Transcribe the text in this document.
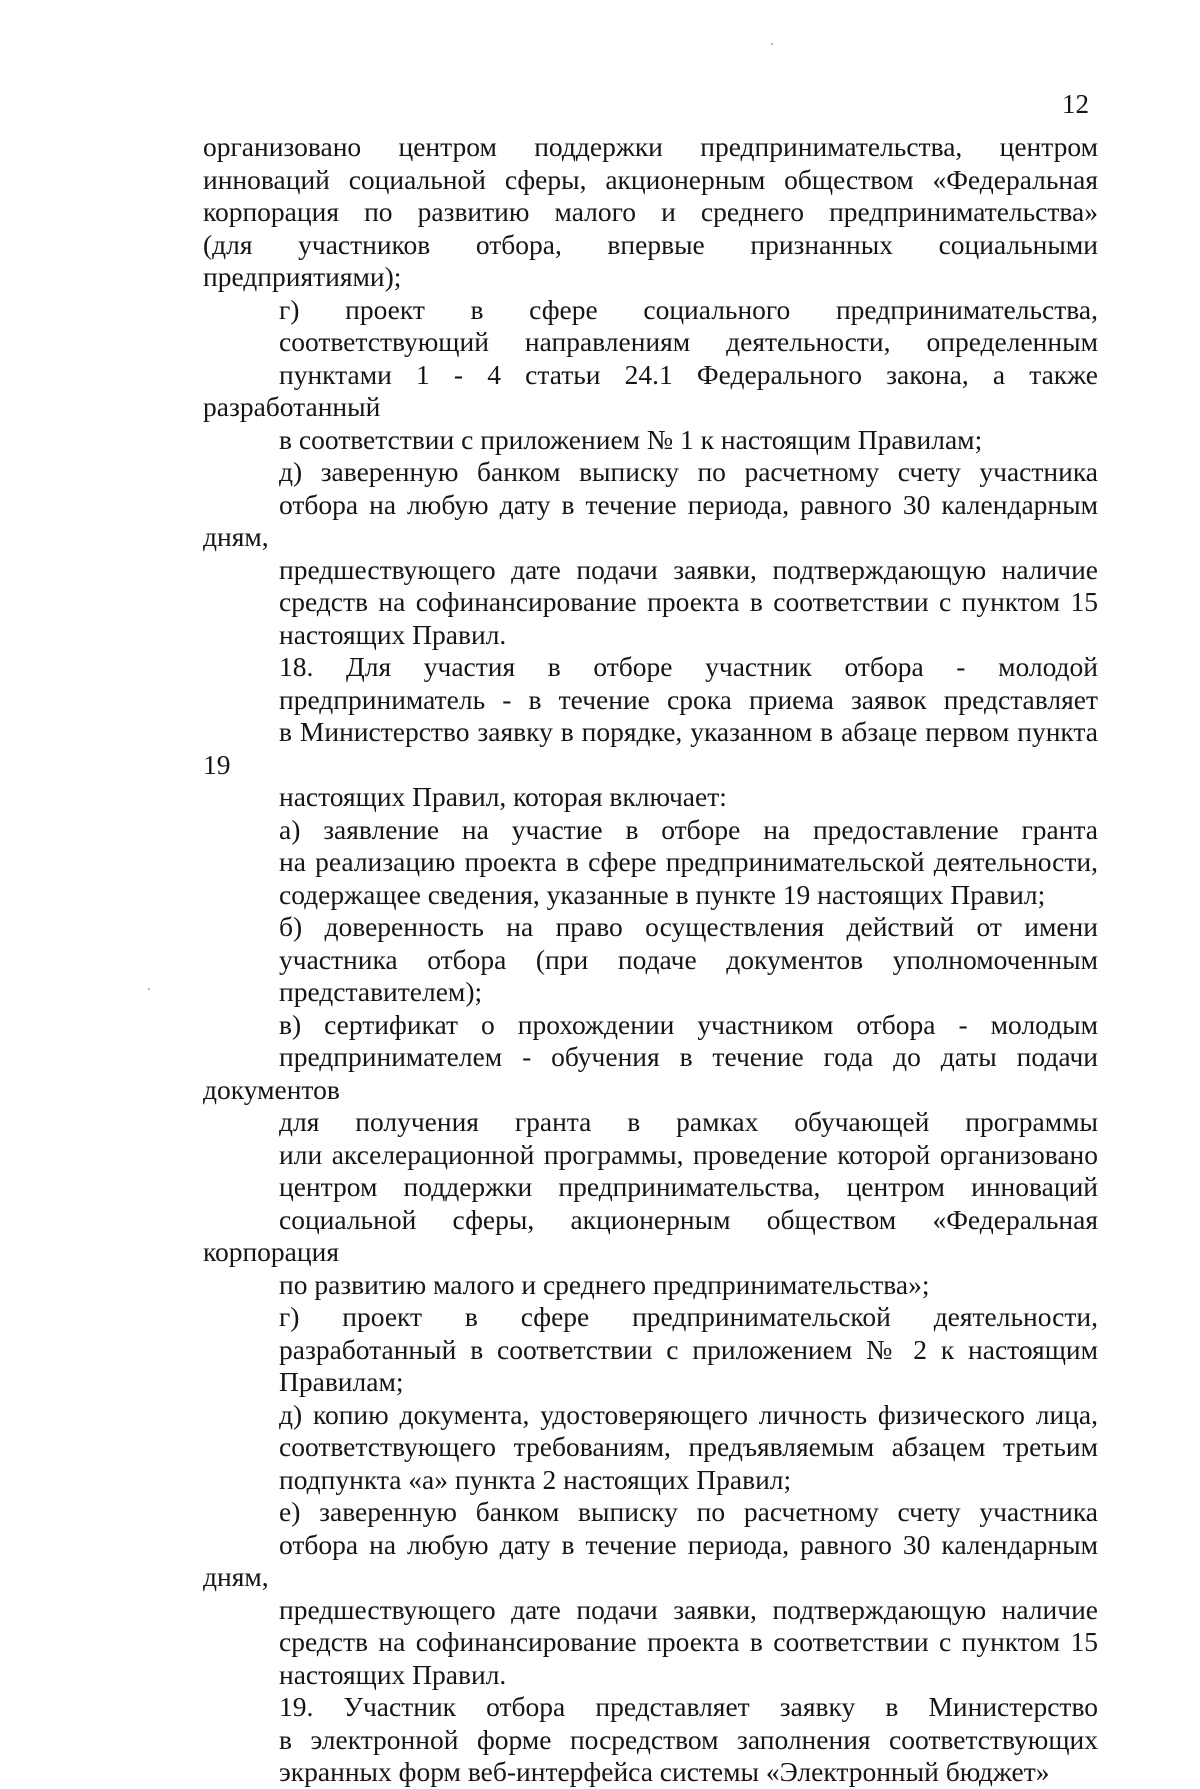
12

организовано центром поддержки предпринимательства, центром
инноваций социальной сферы, акционерным обществом «Федеральная
корпорация по развитию малого и среднего предпринимательства»
(для участников отбора, впервые признанных социальными
предприятиями);

г) проект в сфере социального предпринимательства,
соответствующий направлениям деятельности, определенным
пунктами 1 - 4 статьи 24.1 Федерального закона, а также разработанный
в соответствии с приложением № 1 к настоящим Правилам;

д) заверенную банком выписку по расчетному счету участника
отбора на любую дату в течение периода, равного 30 календарным дням,
предшествующего дате подачи заявки, подтверждающую наличие
средств на софинансирование проекта в соответствии с пунктом 15
настоящих Правил.

18. Для участия в отборе участник отбора - молодой
предприниматель - в течение срока приема заявок представляет
в Министерство заявку в порядке, указанном в абзаце первом пункта 19
настоящих Правил, которая включает:

а) заявление на участие в отборе на предоставление гранта
на реализацию проекта в сфере предпринимательской деятельности,
содержащее сведения, указанные в пункте 19 настоящих Правил;

б) доверенность на право осуществления действий от имени
участника отбора (при подаче документов уполномоченным
представителем);

в) сертификат о прохождении участником отбора - молодым
предпринимателем - обучения в течение года до даты подачи документов
для получения гранта в рамках обучающей программы
или акселерационной программы, проведение которой организовано
центром поддержки предпринимательства, центром инноваций
социальной сферы, акционерным обществом «Федеральная корпорация
по развитию малого и среднего предпринимательства»;

г) проект в сфере предпринимательской деятельности,
разработанный в соответствии с приложением № 2 к настоящим
Правилам;

д) копию документа, удостоверяющего личность физического лица,
соответствующего требованиям, предъявляемым абзацем третьим
подпункта «а» пункта 2 настоящих Правил;

е) заверенную банком выписку по расчетному счету участника
отбора на любую дату в течение периода, равного 30 календарным дням,
предшествующего дате подачи заявки, подтверждающую наличие
средств на софинансирование проекта в соответствии с пунктом 15
настоящих Правил.

19. Участник отбора представляет заявку в Министерство
в электронной форме посредством заполнения соответствующих
экранных форм веб-интерфейса системы «Электронный бюджет»
